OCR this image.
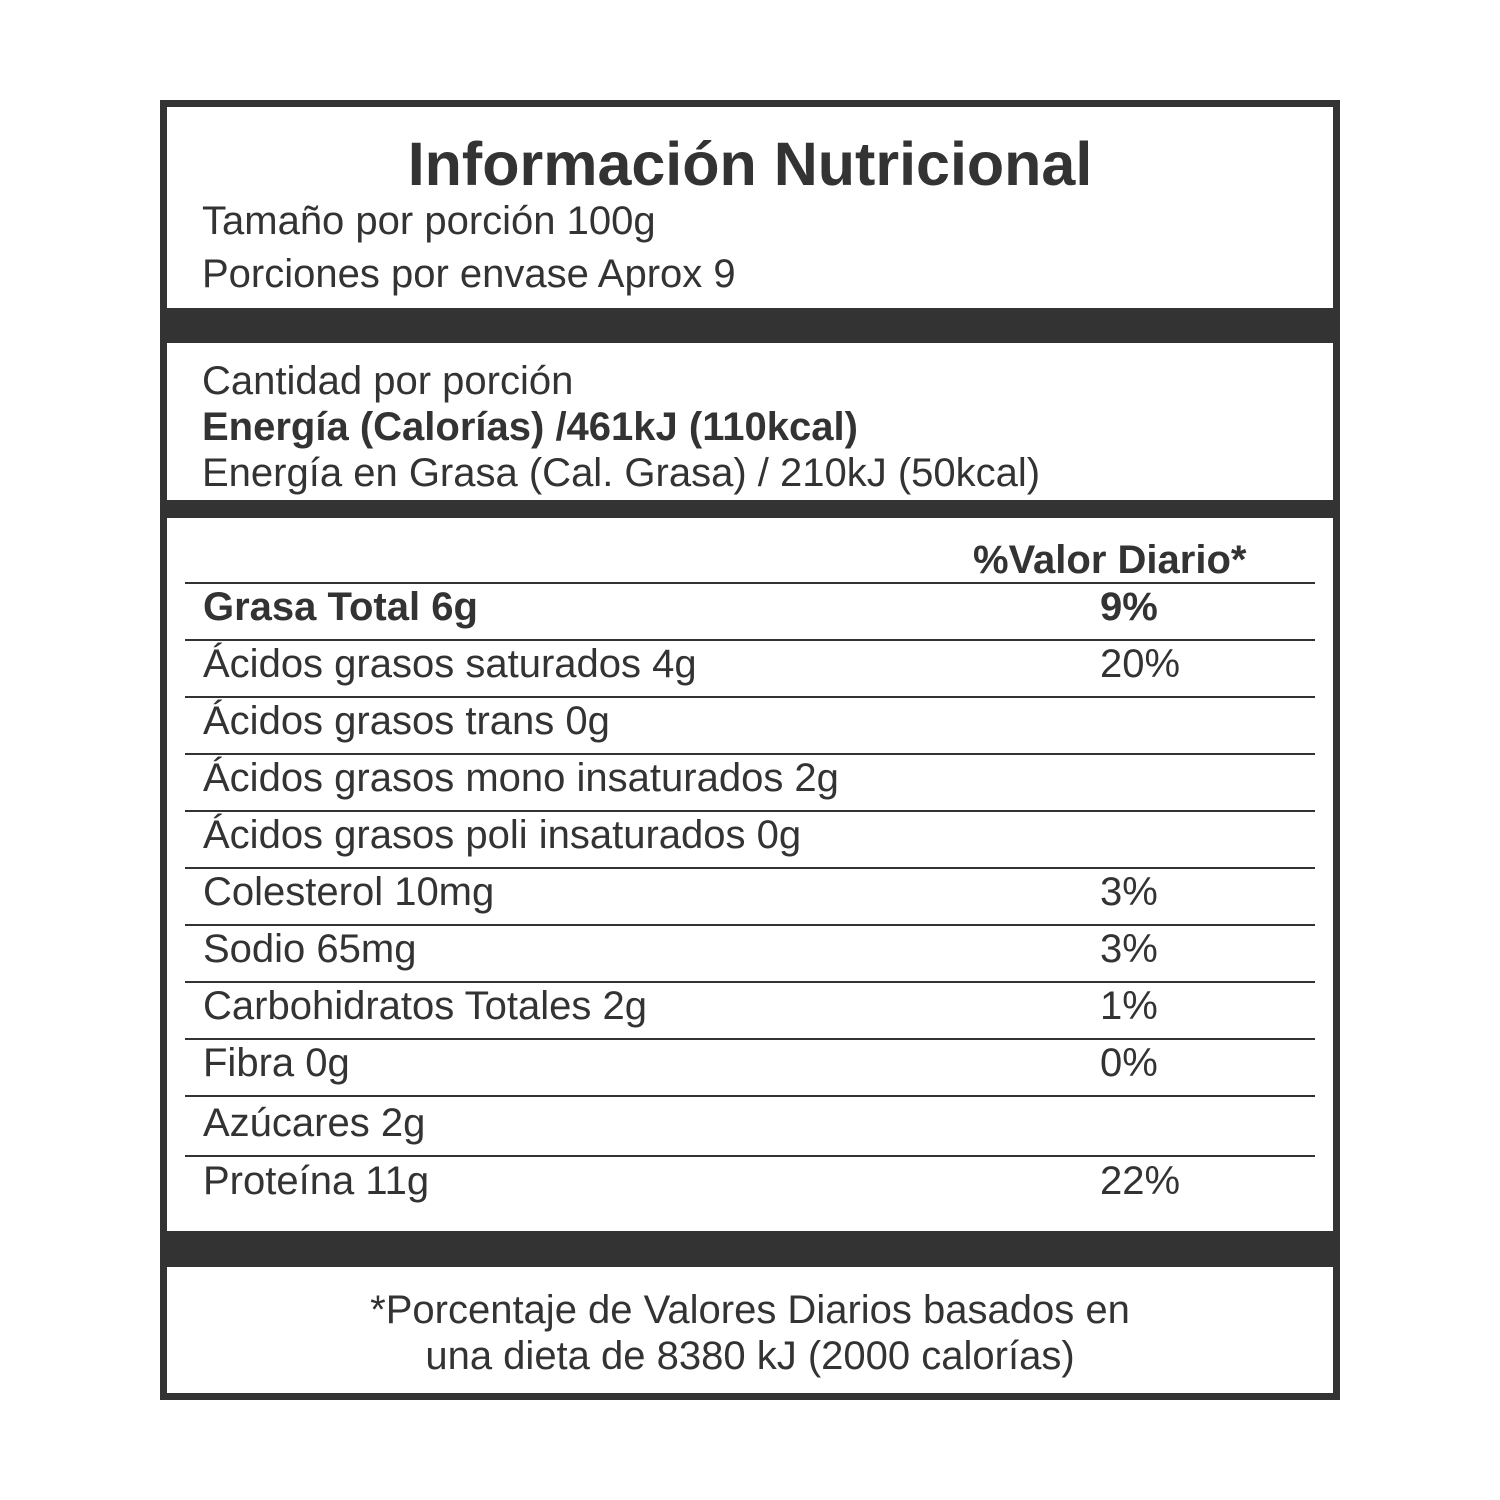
Información Nutricional
Tamaño por porción 100g
Porciones por envase Aprox 9
Cantidad por porción
Energía (Calorías) /461kJ (110kcal)
Energía en Grasa (Cal. Grasa) / 210kJ (50kcal)
%Valor Diario*
Grasa Total 6g	9%
Ácidos grasos saturados 4g	20%
Ácidos grasos trans 0g
Ácidos grasos mono insaturados 2g
Ácidos grasos poli insaturados 0g
Colesterol 10mg	3%
Sodio 65mg	3%
Carbohidratos Totales 2g	1%
Fibra 0g	0%
Azúcares 2g
Proteína 11g	22%
*Porcentaje de Valores Diarios basados en
una dieta de 8380 kJ (2000 calorías)
